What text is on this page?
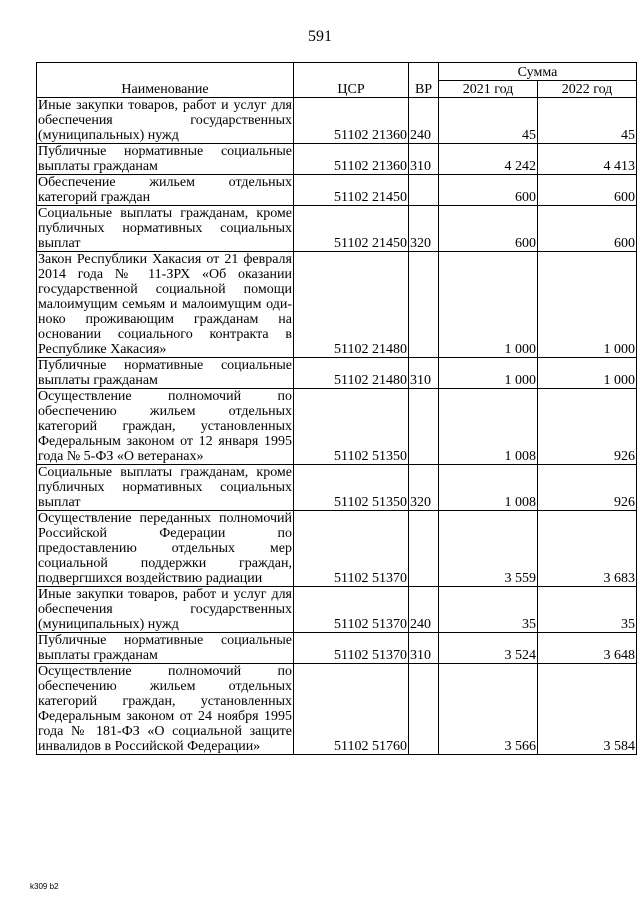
591
Наименование	ЦСР	ВР	Сумма	
			2021 год	2022 год
Иные закупки товаров, работ и услуг для обеспечения государственных (муниципальных) нужд	51102 21360	240	45	45
Публичные нормативные социальные выплаты гражданам	51102 21360	310	4 242	4 413
Обеспечение жильем отдельных категорий граждан	51102 21450		600	600
Социальные выплаты гражданам, кроме публичных нормативных социальных выплат	51102 21450	320	600	600
Закон Республики Хакасия от 21 февраля 2014 года № 11-ЗРХ «Об оказании государственной социальной помощи малоимущим семьям и малоимущим одиноко проживающим гражданам на основании социального контракта в Республике Хакасия»	51102 21480		1 000	1 000
Публичные нормативные социальные выплаты гражданам	51102 21480	310	1 000	1 000
Осуществление полномочий по обеспечению жильем отдельных категорий граждан, установленных Федеральным законом от 12 января 1995 года № 5-ФЗ «О ветеранах»	51102 51350		1 008	926
Социальные выплаты гражданам, кроме публичных нормативных социальных выплат	51102 51350	320	1 008	926
Осуществление переданных полномочий Российской Федерации по предоставлению отдельных мер социальной поддержки граждан, подвергшихся воздействию радиации	51102 51370		3 559	3 683
Иные закупки товаров, работ и услуг для обеспечения государственных (муниципальных) нужд	51102 51370	240	35	35
Публичные нормативные социальные выплаты гражданам	51102 51370	310	3 524	3 648
Осуществление полномочий по обеспечению жильем отдельных категорий граждан, установленных Федеральным законом от 24 ноября 1995 года № 181-ФЗ «О социальной защите инвалидов в Российской Федерации»	51102 51760		3 566	3 584
k309 b2
